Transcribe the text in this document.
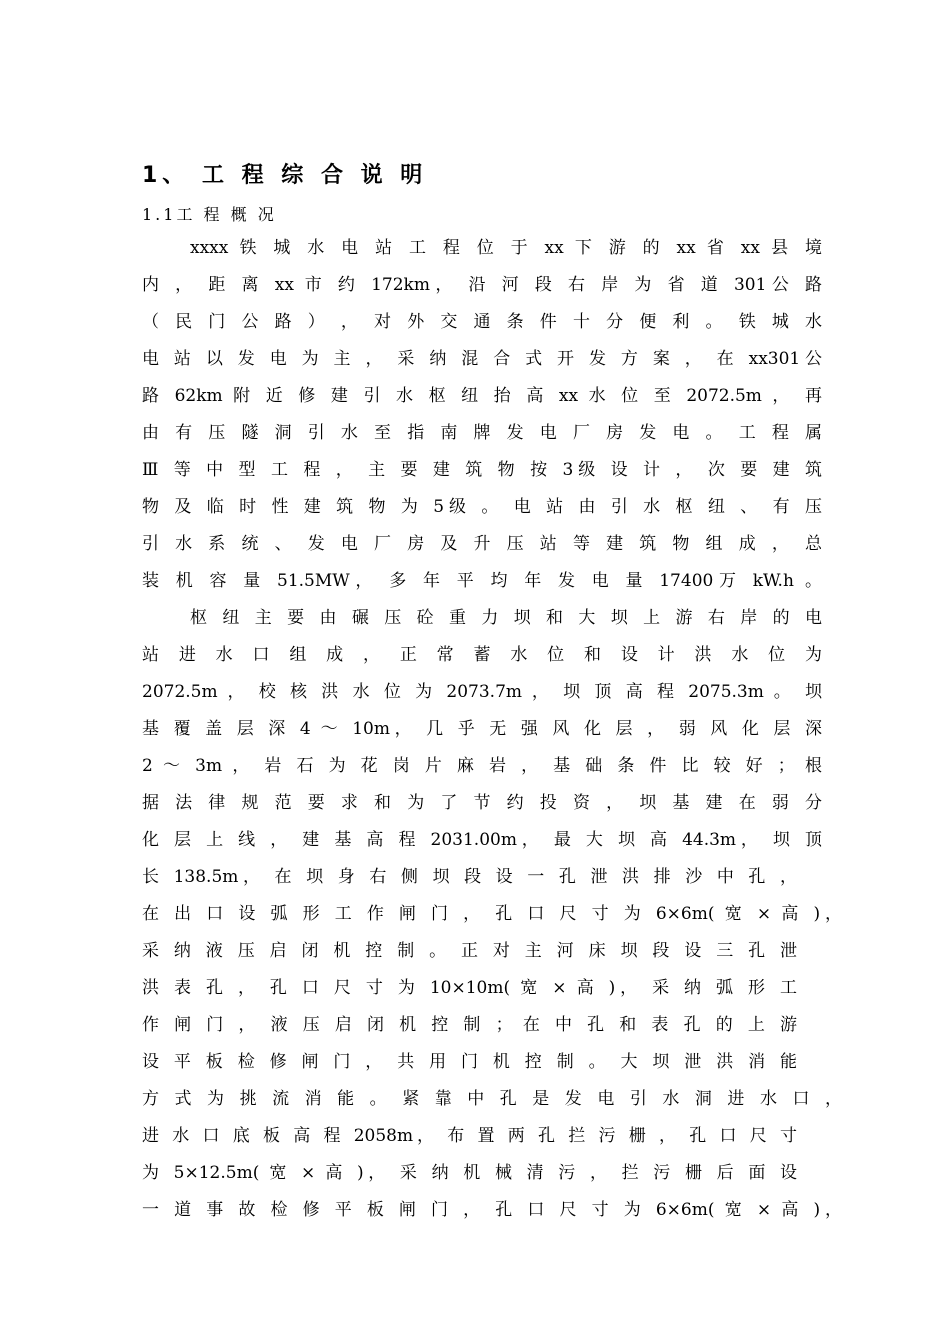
1、 工 程 综 合 说 明
1.1工 程 概 况
xxxx 铁 城 水 电 站 工 程 位 于 xx 下 游 的 xx 省 xx 县 境
内 ， 距 离 xx 市 约 172km， 沿 河 段 右 岸 为 省 道 301公 路
（ 民 门 公 路 ） ， 对 外 交 通 条 件 十 分 便 利 。 铁 城 水
电 站 以 发 电 为 主 ， 采 纳 混 合 式 开 发 方 案 ， 在 xx301公
路 62km 附 近 修 建 引 水 枢 纽 抬 高 xx 水 位 至 2072.5m ， 再
由 有 压 隧 洞 引 水 至 指 南 牌 发 电 厂 房 发 电 。 工 程 属
Ⅲ 等 中 型 工 程 ， 主 要 建 筑 物 按 3级 设 计 ， 次 要 建 筑
物 及 临 时 性 建 筑 物 为 5级 。 电 站 由 引 水 枢 纽 、 有 压
引 水 系 统 、 发 电 厂 房 及 升 压 站 等 建 筑 物 组 成 ， 总
装 机 容 量 51.5MW， 多 年 平 均 年 发 电 量 17400万 kW.h 。
枢 纽 主 要 由 碾 压 砼 重 力 坝 和 大 坝 上 游 右 岸 的 电
站 进 水 口 组 成 ， 正 常 蓄 水 位 和 设 计 洪 水 位 为
2072.5m ， 校 核 洪 水 位 为 2073.7m ， 坝 顶 高 程 2075.3m 。 坝
基 覆 盖 层 深 4 ～ 10m， 几 乎 无 强 风 化 层 ， 弱 风 化 层 深
2 ～ 3m ， 岩 石 为 花 岗 片 麻 岩 ， 基 础 条 件 比 较 好 ； 根
据 法 律 规 范 要 求 和 为 了 节 约 投 资 ， 坝 基 建 在 弱 分
化 层 上 线 ， 建 基 高 程 2031.00m， 最 大 坝 高 44.3m， 坝 顶
长 138.5m， 在 坝 身 右 侧 坝 段 设 一 孔 泄 洪 排 沙 中 孔 ，
在 出 口 设 弧 形 工 作 闸 门 ， 孔 口 尺 寸 为 6×6m( 宽 × 高 )，
采 纳 液 压 启 闭 机 控 制 。 正 对 主 河 床 坝 段 设 三 孔 泄
洪 表 孔 ， 孔 口 尺 寸 为 10×10m( 宽 × 高 )， 采 纳 弧 形 工
作 闸 门 ， 液 压 启 闭 机 控 制 ； 在 中 孔 和 表 孔 的 上 游
设 平 板 检 修 闸 门 ， 共 用 门 机 控 制 。 大 坝 泄 洪 消 能
方 式 为 挑 流 消 能 。 紧 靠 中 孔 是 发 电 引 水 洞 进 水 口 ，
进 水 口 底 板 高 程 2058m， 布 置 两 孔 拦 污 栅 ， 孔 口 尺 寸
为 5×12.5m( 宽 × 高 )， 采 纳 机 械 清 污 ， 拦 污 栅 后 面 设
一 道 事 故 检 修 平 板 闸 门 ， 孔 口 尺 寸 为 6×6m( 宽 × 高 )，
